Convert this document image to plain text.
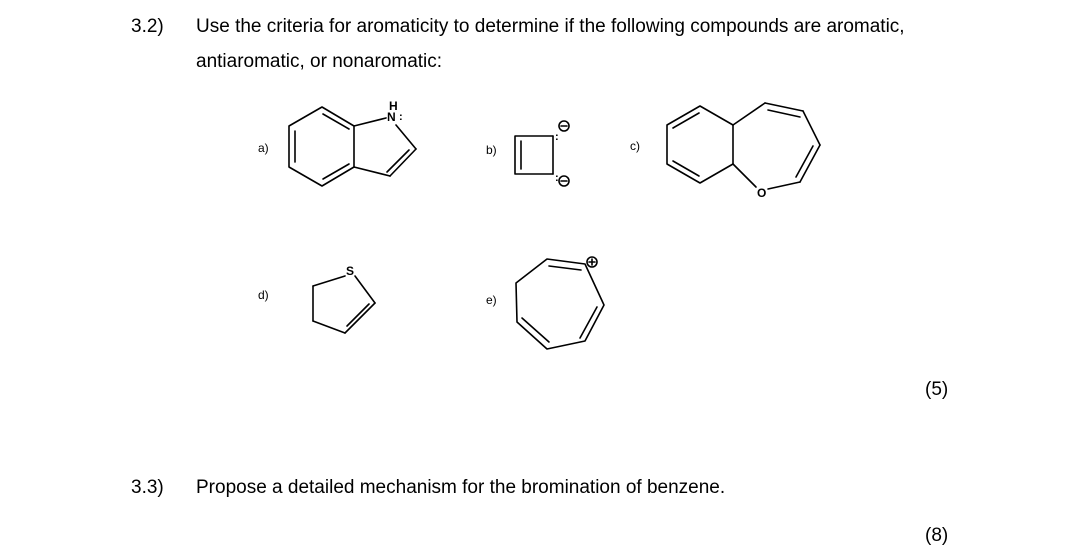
3.2) Use the criteria for aromaticity to determine if the following compounds are aromatic,
antiaromatic, or nonaromatic:
a)	b)	c)
d)	e)
N
H
:
:
:
O
S
(5)
3.3) Propose a detailed mechanism for the bromination of benzene.
(8)
